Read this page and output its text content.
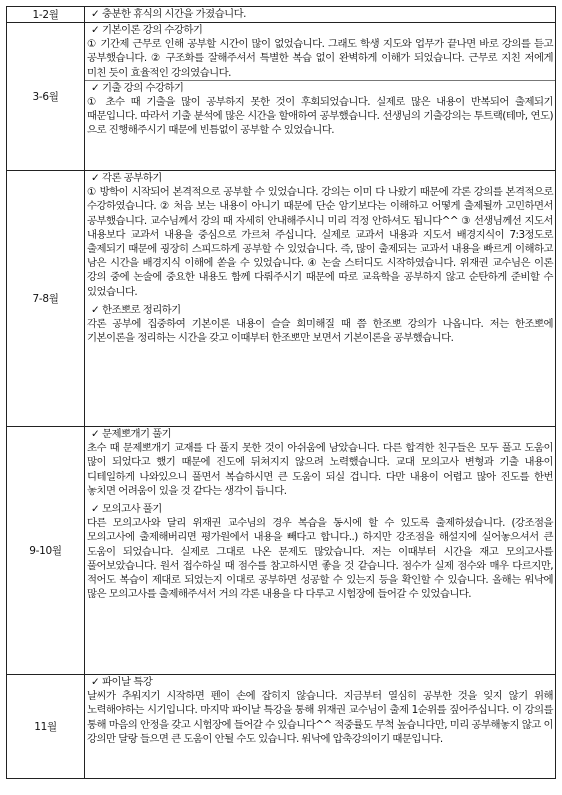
1-2월	✓ 충분한 휴식의 시간을 가졌습니다.

3-6월	✓ 기본이론 강의 수강하기
① 기간제 근무로 인해 공부할 시간이 많이 없었습니다. 그래도 학생 지도와 업무가 끝나면 바로 강의를 듣고 공부했습니다. ② 구조화를 잘해주셔서 특별한 복습 없이 완벽하게 이해가 되었습니다. 근무로 지친 저에게 미친 듯이 효율적인 강의였습니다.
✓ 기출 강의 수강하기
① 초수 때 기출을 많이 공부하지 못한 것이 후회되었습니다. 실제로 많은 내용이 반복되어 출제되기 때문입니다. 따라서 기출 분석에 많은 시간을 할애하여 공부했습니다. 선생님의 기출강의는 투트랙(테마, 연도)으로 진행해주시기 때문에 빈틈없이 공부할 수 있었습니다.

7-8월	✓ 각론 공부하기
① 방학이 시작되어 본격적으로 공부할 수 있었습니다. 강의는 이미 다 나왔기 때문에 각론 강의를 본격적으로 수강하였습니다. ② 처음 보는 내용이 아니기 때문에 단순 암기보다는 이해하고 어떻게 출제될까 고민하면서 공부했습니다. 교수님께서 강의 때 자세히 안내해주시니 미리 걱정 안하셔도 됩니다^^ ③ 선생님께선 지도서 내용보다 교과서 내용을 중심으로 가르쳐 주십니다. 실제로 교과서 내용과 지도서 배경지식이 7:3정도로 출제되기 때문에 굉장히 스피드하게 공부할 수 있었습니다. 즉, 많이 출제되는 교과서 내용을 빠르게 이해하고 남은 시간을 배경지식 이해에 쏟을 수 있었습니다. ④ 논술 스터디도 시작하였습니다. 위재권 교수님은 이론 강의 중에 논술에 중요한 내용도 함께 다뤄주시기 때문에 따로 교육학을 공부하지 않고 순탄하게 준비할 수 있었습니다.
✓ 한조뽀로 정리하기
각론 공부에 집중하여 기본이론 내용이 슬슬 희미해질 때 쯤 한조뽀 강의가 나옵니다. 저는 한조뽀에 기본이론을 정리하는 시간을 갖고 이때부터 한조뽀만 보면서 기본이론을 공부했습니다.

9-10월	✓ 문제뽀개기 풀기
초수 때 문제뽀개기 교재를 다 풀지 못한 것이 아쉬움에 남았습니다. 다른 합격한 친구들은 모두 풀고 도움이 많이 되었다고 했기 때문에 진도에 뒤쳐지지 않으려 노력했습니다. 교대 모의고사 변형과 기출 내용이 디테일하게 나와있으니 풀면서 복습하시면 큰 도움이 되실 겁니다. 다만 내용이 어렵고 많아 진도를 한번 놓치면 어려움이 있을 것 같다는 생각이 듭니다.
✓ 모의고사 풀기
다른 모의고사와 달리 위재권 교수님의 경우 복습을 동시에 할 수 있도록 출제하셨습니다. (강조점을 모의고사에 출제해버리면 평가원에서 내용을 빼다고 합니다..) 하지만 강조점을 해설지에 실어놓으셔서 큰 도움이 되었습니다. 실제로 그대로 나온 문제도 많았습니다. 저는 이때부터 시간을 재고 모의고사를 풀어보았습니다. 원서 접수하실 때 점수를 참고하시면 좋을 것 같습니다. 점수가 실제 점수와 매우 다르지만, 적어도 복습이 제대로 되었는지 이대로 공부하면 성공할 수 있는지 등을 확인할 수 있습니다. 올해는 워낙에 많은 모의고사를 출제해주셔서 거의 각론 내용을 다 다루고 시험장에 들어갈 수 있었습니다.

11월	✓ 파이날 특강
날씨가 추워지기 시작하면 펜이 손에 잡히지 않습니다. 지금부터 열심히 공부한 것을 잊지 않기 위해 노력해야하는 시기입니다. 마지막 파이날 특강을 통해 위재권 교수님이 출제 1순위를 짚어주십니다. 이 강의를 통해 마음의 안정을 갖고 시험장에 들어갈 수 있습니다^^ 적중률도 무척 높습니다만, 미리 공부해놓지 않고 이 강의만 달랑 들으면 큰 도움이 안될 수도 있습니다. 워낙에 압축강의이기 때문입니다.
